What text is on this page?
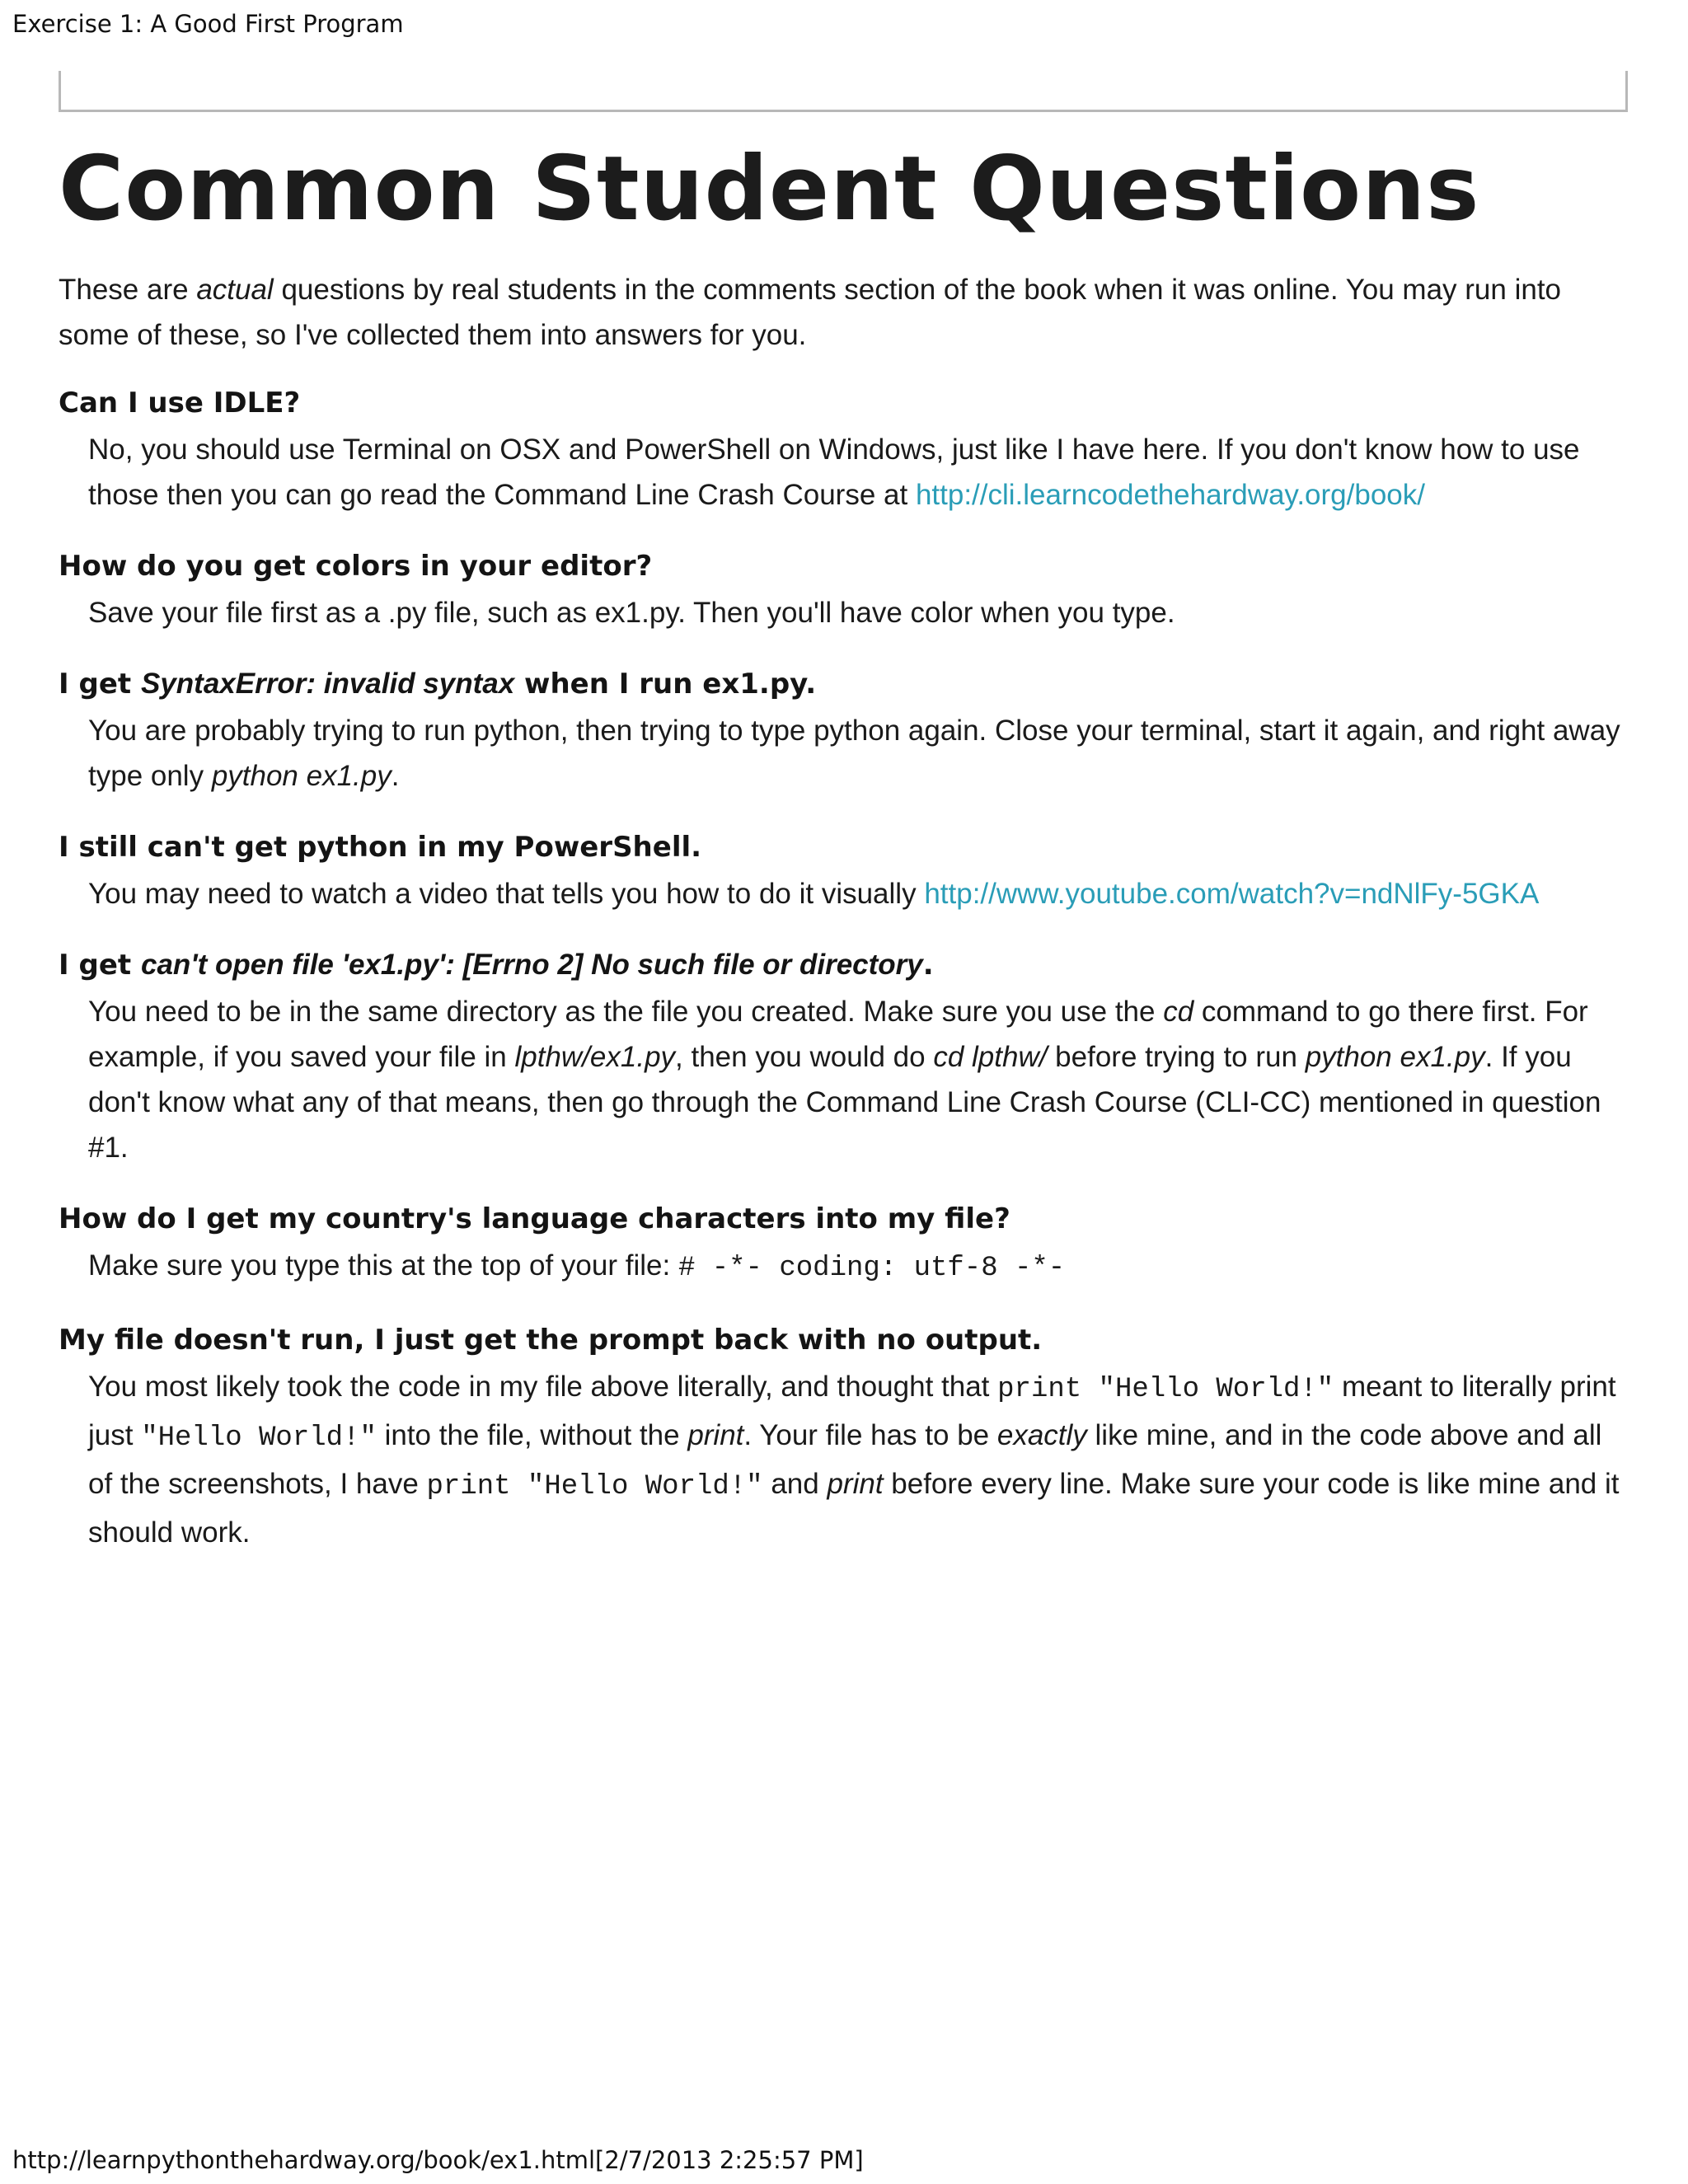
Exercise 1: A Good First Program
Common Student Questions

These are actual questions by real students in the comments section of the book when it was online. You may run into some of these, so I've collected them into answers for you.

Can I use IDLE?

No, you should use Terminal on OSX and PowerShell on Windows, just like I have here. If you don't know how to use those then you can go read the Command Line Crash Course at http://cli.learncodethehardway.org/book/

How do you get colors in your editor?

Save your file first as a .py file, such as ex1.py. Then you'll have color when you type.

I get SyntaxError: invalid syntax when I run ex1.py.

You are probably trying to run python, then trying to type python again. Close your terminal, start it again, and right away type only python ex1.py.

I still can't get python in my PowerShell.

You may need to watch a video that tells you how to do it visually http://www.youtube.com/watch?v=ndNlFy-5GKA

I get can't open file 'ex1.py': [Errno 2] No such file or directory.

You need to be in the same directory as the file you created. Make sure you use the cd command to go there first. For example, if you saved your file in lpthw/ex1.py, then you would do cd lpthw/ before trying to run python ex1.py. If you don't know what any of that means, then go through the Command Line Crash Course (CLI-CC) mentioned in question #1.

How do I get my country's language characters into my file?

Make sure you type this at the top of your file: # -*- coding: utf-8 -*-

My file doesn't run, I just get the prompt back with no output.

You most likely took the code in my file above literally, and thought that print "Hello World!" meant to literally print just "Hello World!" into the file, without the print. Your file has to be exactly like mine, and in the code above and all of the screenshots, I have print "Hello World!" and print before every line. Make sure your code is like mine and it should work.

http://learnpythonthehardway.org/book/ex1.html[2/7/2013 2:25:57 PM]
